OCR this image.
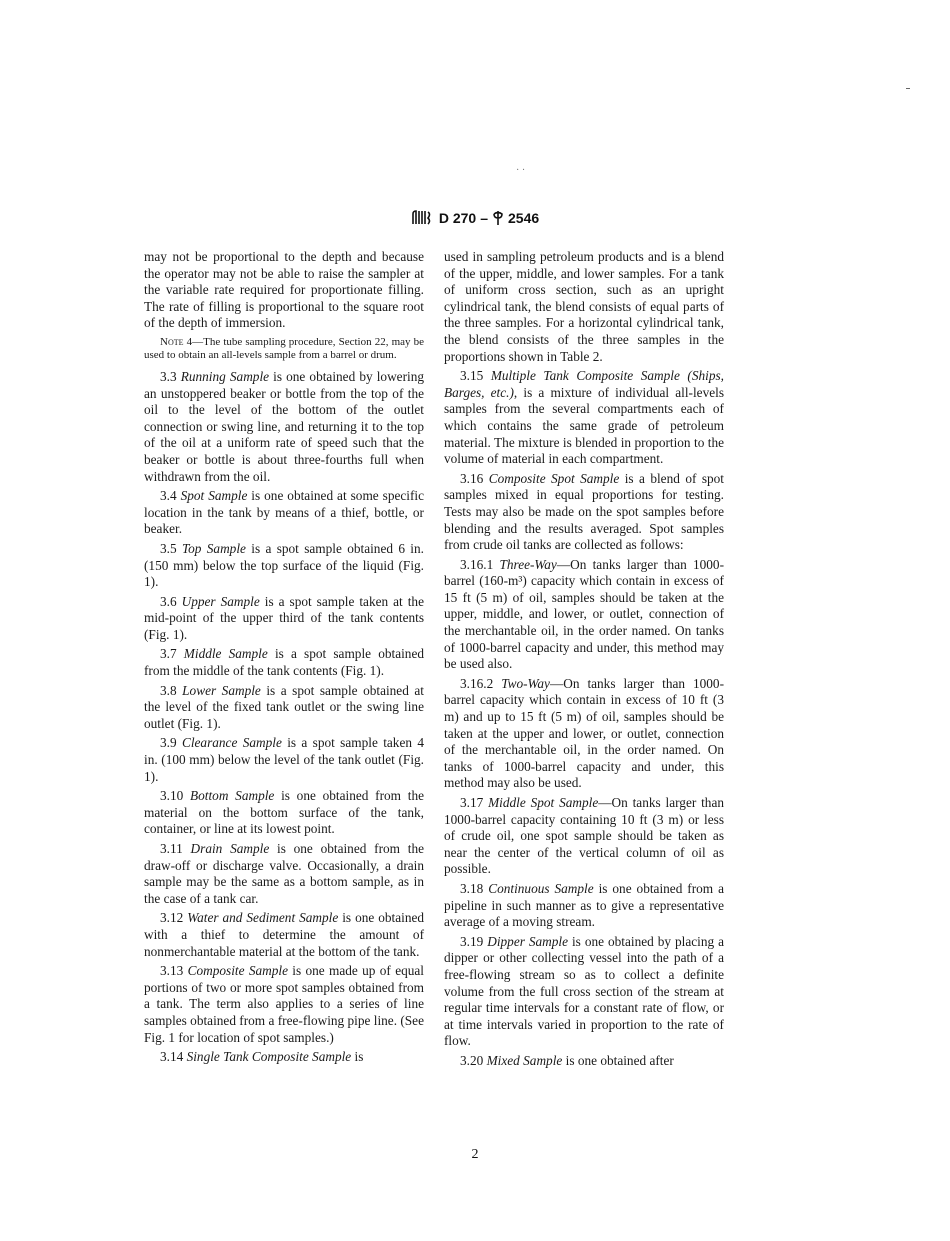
· ·
D 270 – 2546

may not be proportional to the depth and because the operator may not be able to raise the sampler at the variable rate required for proportionate filling. The rate of filling is proportional to the square root of the depth of immersion.

Note 4—The tube sampling procedure, Section 22, may be used to obtain an all-levels sample from a barrel or drum.

3.3 Running Sample is one obtained by lowering an unstoppered beaker or bottle from the top of the oil to the level of the bottom of the outlet connection or swing line, and returning it to the top of the oil at a uniform rate of speed such that the beaker or bottle is about three-fourths full when withdrawn from the oil.

3.4 Spot Sample is one obtained at some specific location in the tank by means of a thief, bottle, or beaker.

3.5 Top Sample is a spot sample obtained 6 in. (150 mm) below the top surface of the liquid (Fig. 1).

3.6 Upper Sample is a spot sample taken at the mid-point of the upper third of the tank contents (Fig. 1).

3.7 Middle Sample is a spot sample obtained from the middle of the tank contents (Fig. 1).

3.8 Lower Sample is a spot sample obtained at the level of the fixed tank outlet or the swing line outlet (Fig. 1).

3.9 Clearance Sample is a spot sample taken 4 in. (100 mm) below the level of the tank outlet (Fig. 1).

3.10 Bottom Sample is one obtained from the material on the bottom surface of the tank, container, or line at its lowest point.

3.11 Drain Sample is one obtained from the draw-off or discharge valve. Occasionally, a drain sample may be the same as a bottom sample, as in the case of a tank car.

3.12 Water and Sediment Sample is one obtained with a thief to determine the amount of nonmerchantable material at the bottom of the tank.

3.13 Composite Sample is one made up of equal portions of two or more spot samples obtained from a tank. The term also applies to a series of line samples obtained from a free-flowing pipe line. (See Fig. 1 for location of spot samples.)

3.14 Single Tank Composite Sample is

used in sampling petroleum products and is a blend of the upper, middle, and lower samples. For a tank of uniform cross section, such as an upright cylindrical tank, the blend consists of equal parts of the three samples. For a horizontal cylindrical tank, the blend consists of the three samples in the proportions shown in Table 2.

3.15 Multiple Tank Composite Sample (Ships, Barges, etc.), is a mixture of individual all-levels samples from the several compartments each of which contains the same grade of petroleum material. The mixture is blended in proportion to the volume of material in each compartment.

3.16 Composite Spot Sample is a blend of spot samples mixed in equal proportions for testing. Tests may also be made on the spot samples before blending and the results averaged. Spot samples from crude oil tanks are collected as follows:

3.16.1 Three-Way—On tanks larger than 1000-barrel (160-m³) capacity which contain in excess of 15 ft (5 m) of oil, samples should be taken at the upper, middle, and lower, or outlet, connection of the merchantable oil, in the order named. On tanks of 1000-barrel capacity and under, this method may be used also.

3.16.2 Two-Way—On tanks larger than 1000-barrel capacity which contain in excess of 10 ft (3 m) and up to 15 ft (5 m) of oil, samples should be taken at the upper and lower, or outlet, connection of the merchantable oil, in the order named. On tanks of 1000-barrel capacity and under, this method may also be used.

3.17 Middle Spot Sample—On tanks larger than 1000-barrel capacity containing 10 ft (3 m) or less of crude oil, one spot sample should be taken as near the center of the vertical column of oil as possible.

3.18 Continuous Sample is one obtained from a pipeline in such manner as to give a representative average of a moving stream.

3.19 Dipper Sample is one obtained by placing a dipper or other collecting vessel into the path of a free-flowing stream so as to collect a definite volume from the full cross section of the stream at regular time intervals for a constant rate of flow, or at time intervals varied in proportion to the rate of flow.

3.20 Mixed Sample is one obtained after

2
